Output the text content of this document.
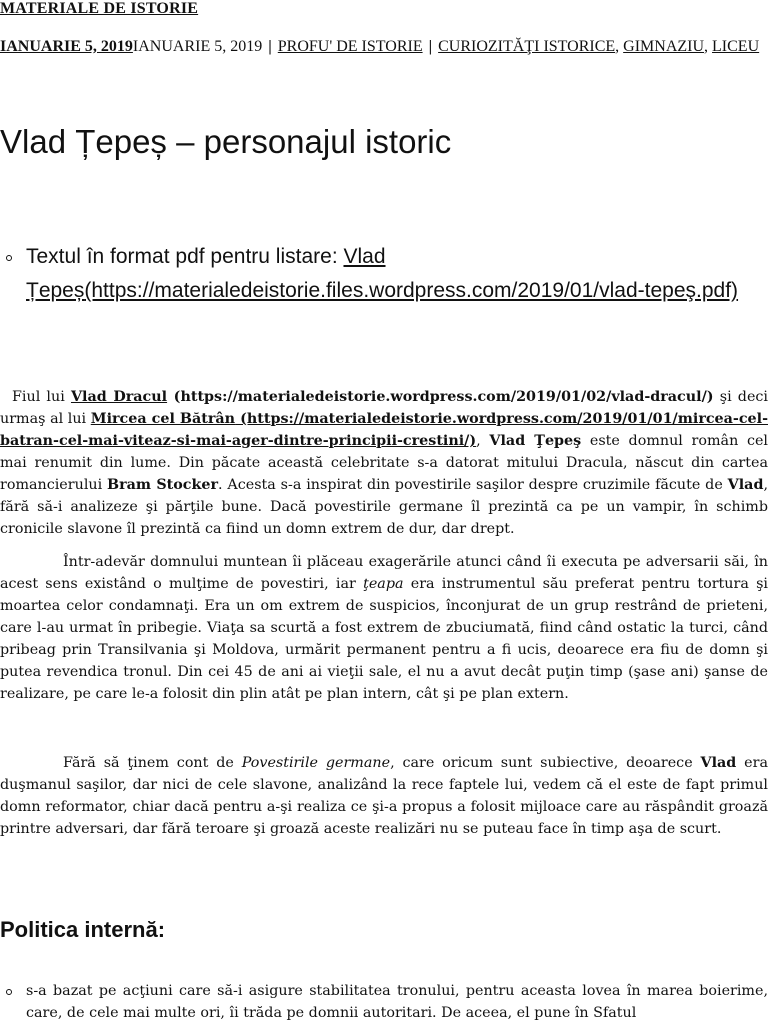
MATERIALE DE ISTORIE
IANUARIE 5, 2019IANUARIE 5, 2019 | PROFU' DE ISTORIE | CURIOZITĂŢI ISTORICE, GIMNAZIU, LICEU
Vlad Țepeș – personajul istoric
Textul în format pdf pentru listare: Vlad Țepeș(https://materialedeistorie.files.wordpress.com/2019/01/vlad-tepeş.pdf)

Fiul lui Vlad Dracul (https://materialedeistorie.wordpress.com/2019/01/02/vlad-dracul/) şi deci urmaş al lui Mircea cel Bătrân (https://materialedeistorie.wordpress.com/2019/01/01/mircea-cel-batran-cel-mai-viteaz-si-mai-ager-dintre-principii-crestini/), Vlad Ţepeş este domnul român cel mai renumit din lume. Din păcate această celebritate s-a datorat mitului Dracula, născut din cartea romancierului Bram Stocker. Acesta s-a inspirat din povestirile saşilor despre cruzimile făcute de Vlad, fără să-i analizeze şi părţile bune. Dacă povestirile germane îl prezintă ca pe un vampir, în schimb cronicile slavone îl prezintă ca fiind un domn extrem de dur, dar drept.

Într-adevăr domnului muntean îi plăceau exagerările atunci când îi executa pe adversarii săi, în acest sens existând o mulţime de povestiri, iar ţeapa era instrumentul său preferat pentru tortura şi moartea celor condamnaţi. Era un om extrem de suspicios, înconjurat de un grup restrând de prieteni, care l-au urmat în pribegie. Viaţa sa scurtă a fost extrem de zbuciumată, fiind când ostatic la turci, când pribeag prin Transilvania şi Moldova, urmărit permanent pentru a fi ucis, deoarece era fiu de domn şi putea revendica tronul. Din cei 45 de ani ai vieţii sale, el nu a avut decât puţin timp (şase ani) şanse de realizare, pe care le-a folosit din plin atât pe plan intern, cât şi pe plan extern.

Fără să ţinem cont de Povestirile germane, care oricum sunt subiective, deoarece Vlad era duşmanul saşilor, dar nici de cele slavone, analizând la rece faptele lui, vedem că el este de fapt primul domn reformator, chiar dacă pentru a-şi realiza ce şi-a propus a folosit mijloace care au răspândit groază printre adversari, dar fără teroare şi groază aceste realizări nu se puteau face în timp aşa de scurt.

Politica internă:
s-a bazat pe acţiuni care să-i asigure stabilitatea tronului, pentru aceasta lovea în marea boierime, care, de cele mai multe ori, îi trăda pe domnii autoritari. De aceea, el pune în Sfatul
